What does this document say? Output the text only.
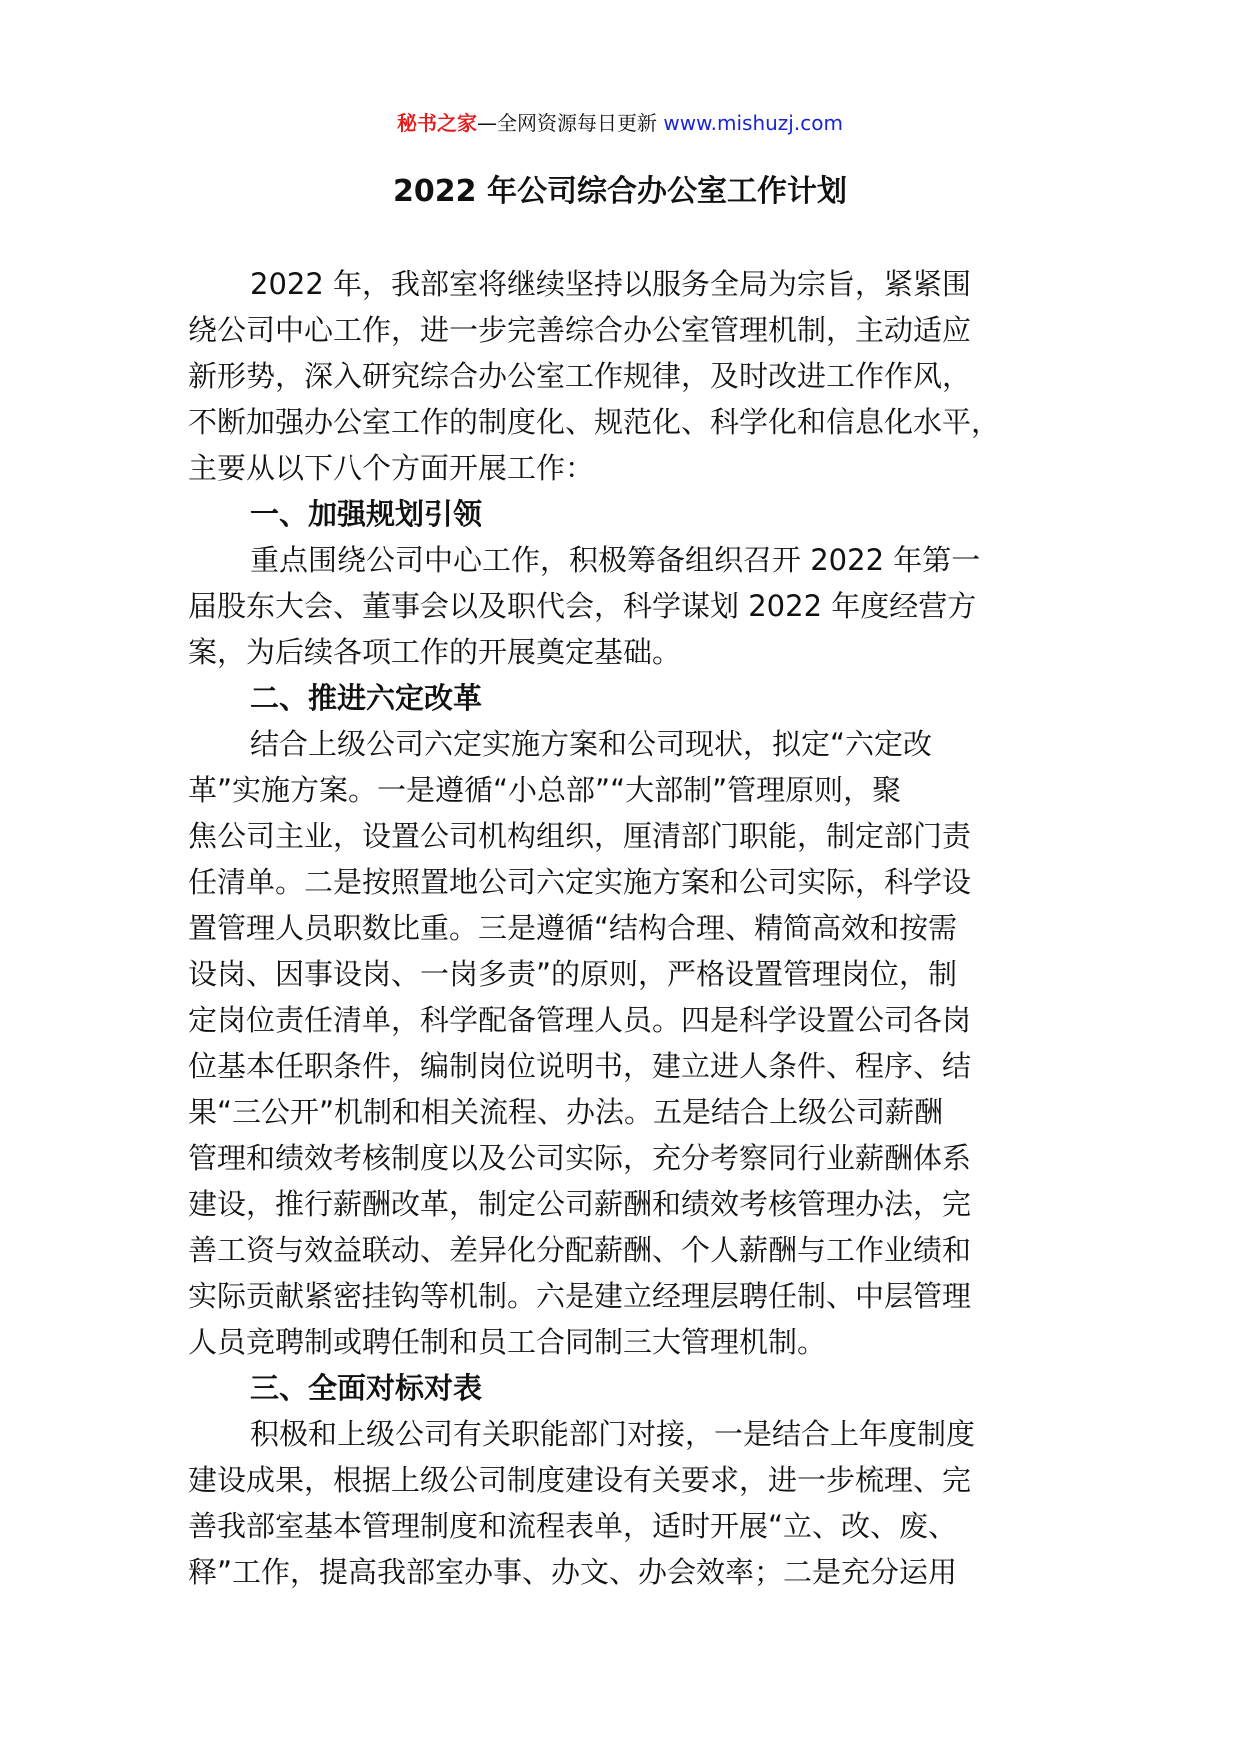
秘书之家—全网资源每日更新 www.mishuzj.com
2022 年公司综合办公室工作计划
2022 年，我部室将继续坚持以服务全局为宗旨，紧紧围
绕公司中心工作，进一步完善综合办公室管理机制，主动适应
新形势，深入研究综合办公室工作规律，及时改进工作作风，
不断加强办公室工作的制度化、规范化、科学化和信息化水平，
主要从以下八个方面开展工作：
一、加强规划引领
重点围绕公司中心工作，积极筹备组织召开 2022 年第一
届股东大会、董事会以及职代会，科学谋划 2022 年度经营方
案，为后续各项工作的开展奠定基础。
二、推进六定改革
结合上级公司六定实施方案和公司现状，拟定“六定改
革”实施方案。一是遵循“小总部”“大部制”管理原则，聚
焦公司主业，设置公司机构组织，厘清部门职能，制定部门责
任清单。二是按照置地公司六定实施方案和公司实际，科学设
置管理人员职数比重。三是遵循“结构合理、精简高效和按需
设岗、因事设岗、一岗多责”的原则，严格设置管理岗位，制
定岗位责任清单，科学配备管理人员。四是科学设置公司各岗
位基本任职条件，编制岗位说明书，建立进人条件、程序、结
果“三公开”机制和相关流程、办法。五是结合上级公司薪酬
管理和绩效考核制度以及公司实际，充分考察同行业薪酬体系
建设，推行薪酬改革，制定公司薪酬和绩效考核管理办法，完
善工资与效益联动、差异化分配薪酬、个人薪酬与工作业绩和
实际贡献紧密挂钩等机制。六是建立经理层聘任制、中层管理
人员竞聘制或聘任制和员工合同制三大管理机制。
三、全面对标对表
积极和上级公司有关职能部门对接，一是结合上年度制度
建设成果，根据上级公司制度建设有关要求，进一步梳理、完
善我部室基本管理制度和流程表单，适时开展“立、改、废、
释”工作，提高我部室办事、办文、办会效率；二是充分运用
